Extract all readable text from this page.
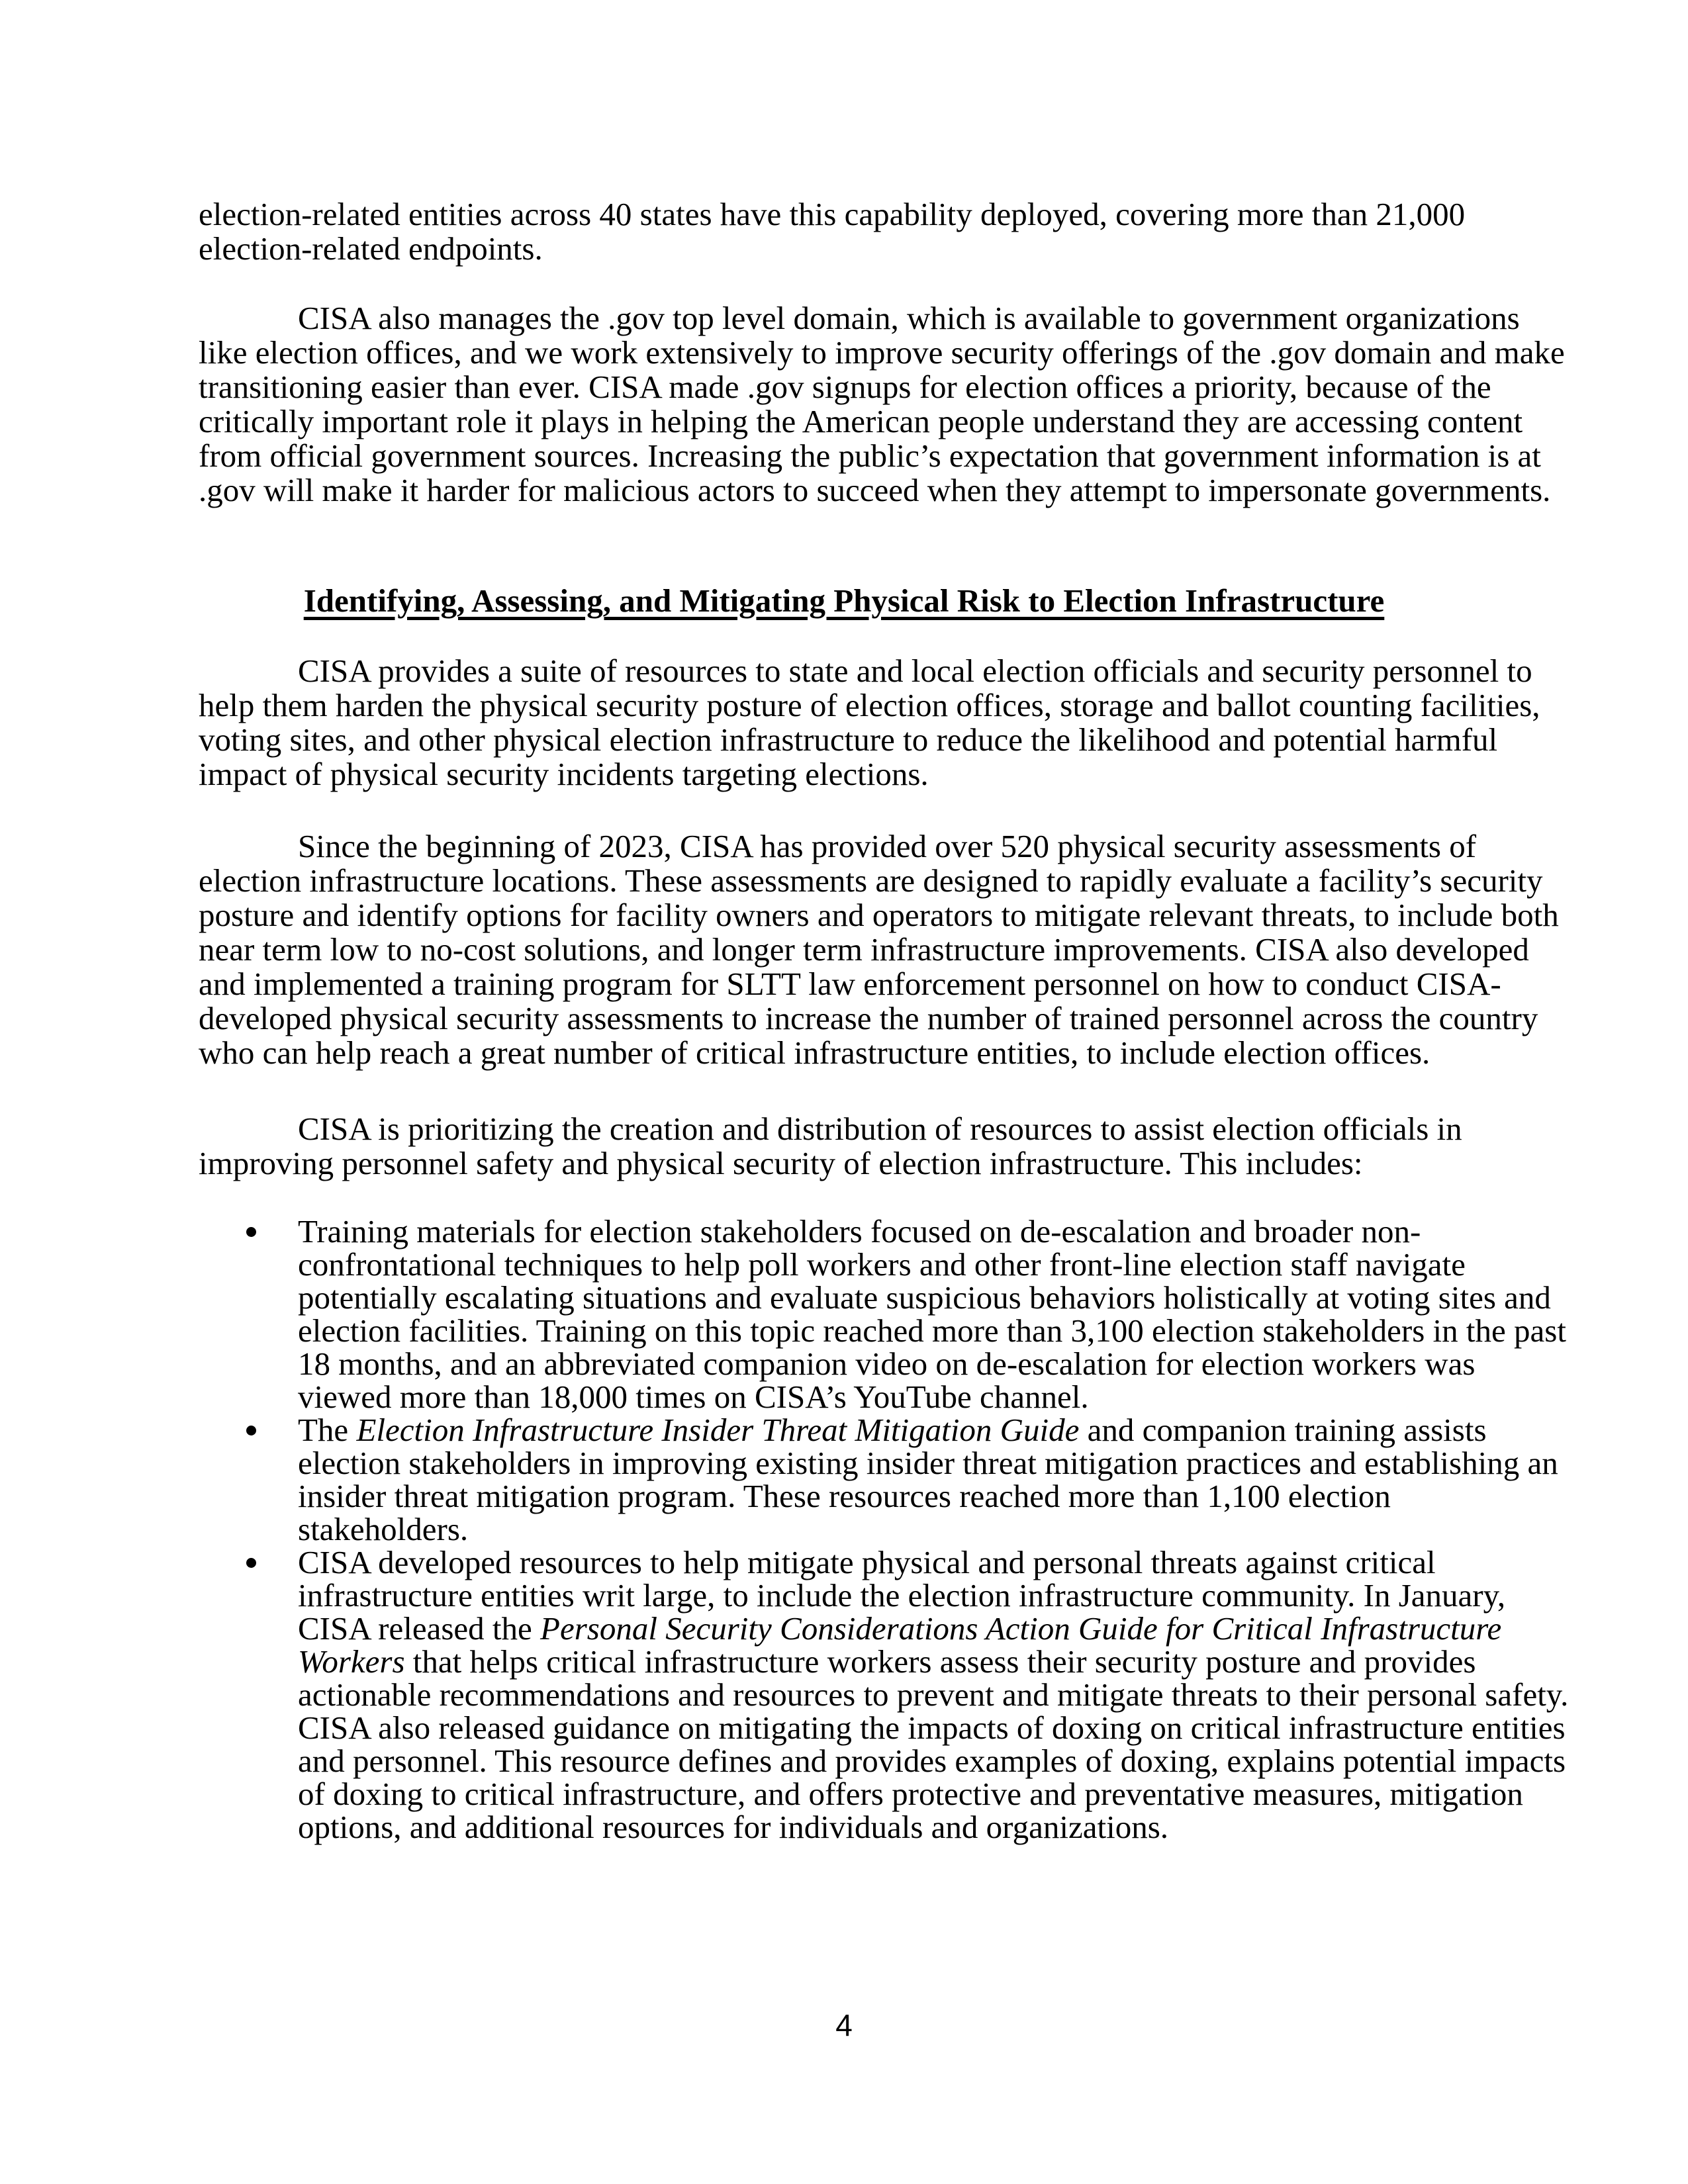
election-related entities across 40 states have this capability deployed, covering more than 21,000
election-related endpoints.
CISA also manages the .gov top level domain, which is available to government organizations
like election offices, and we work extensively to improve security offerings of the .gov domain and make
transitioning easier than ever. CISA made .gov signups for election offices a priority, because of the
critically important role it plays in helping the American people understand they are accessing content
from official government sources. Increasing the public’s expectation that government information is at
.gov will make it harder for malicious actors to succeed when they attempt to impersonate governments.
Identifying, Assessing, and Mitigating Physical Risk to Election Infrastructure
CISA provides a suite of resources to state and local election officials and security personnel to
help them harden the physical security posture of election offices, storage and ballot counting facilities,
voting sites, and other physical election infrastructure to reduce the likelihood and potential harmful
impact of physical security incidents targeting elections.
Since the beginning of 2023, CISA has provided over 520 physical security assessments of
election infrastructure locations. These assessments are designed to rapidly evaluate a facility’s security
posture and identify options for facility owners and operators to mitigate relevant threats, to include both
near term low to no-cost solutions, and longer term infrastructure improvements. CISA also developed
and implemented a training program for SLTT law enforcement personnel on how to conduct CISA-
developed physical security assessments to increase the number of trained personnel across the country
who can help reach a great number of critical infrastructure entities, to include election offices.
CISA is prioritizing the creation and distribution of resources to assist election officials in
improving personnel safety and physical security of election infrastructure. This includes:
Training materials for election stakeholders focused on de-escalation and broader non-
confrontational techniques to help poll workers and other front-line election staff navigate
potentially escalating situations and evaluate suspicious behaviors holistically at voting sites and
election facilities. Training on this topic reached more than 3,100 election stakeholders in the past
18 months, and an abbreviated companion video on de-escalation for election workers was
viewed more than 18,000 times on CISA’s YouTube channel.
The Election Infrastructure Insider Threat Mitigation Guide and companion training assists
election stakeholders in improving existing insider threat mitigation practices and establishing an
insider threat mitigation program. These resources reached more than 1,100 election
stakeholders.
CISA developed resources to help mitigate physical and personal threats against critical
infrastructure entities writ large, to include the election infrastructure community. In January,
CISA released the Personal Security Considerations Action Guide for Critical Infrastructure
Workers that helps critical infrastructure workers assess their security posture and provides
actionable recommendations and resources to prevent and mitigate threats to their personal safety.
CISA also released guidance on mitigating the impacts of doxing on critical infrastructure entities
and personnel. This resource defines and provides examples of doxing, explains potential impacts
of doxing to critical infrastructure, and offers protective and preventative measures, mitigation
options, and additional resources for individuals and organizations.
4
